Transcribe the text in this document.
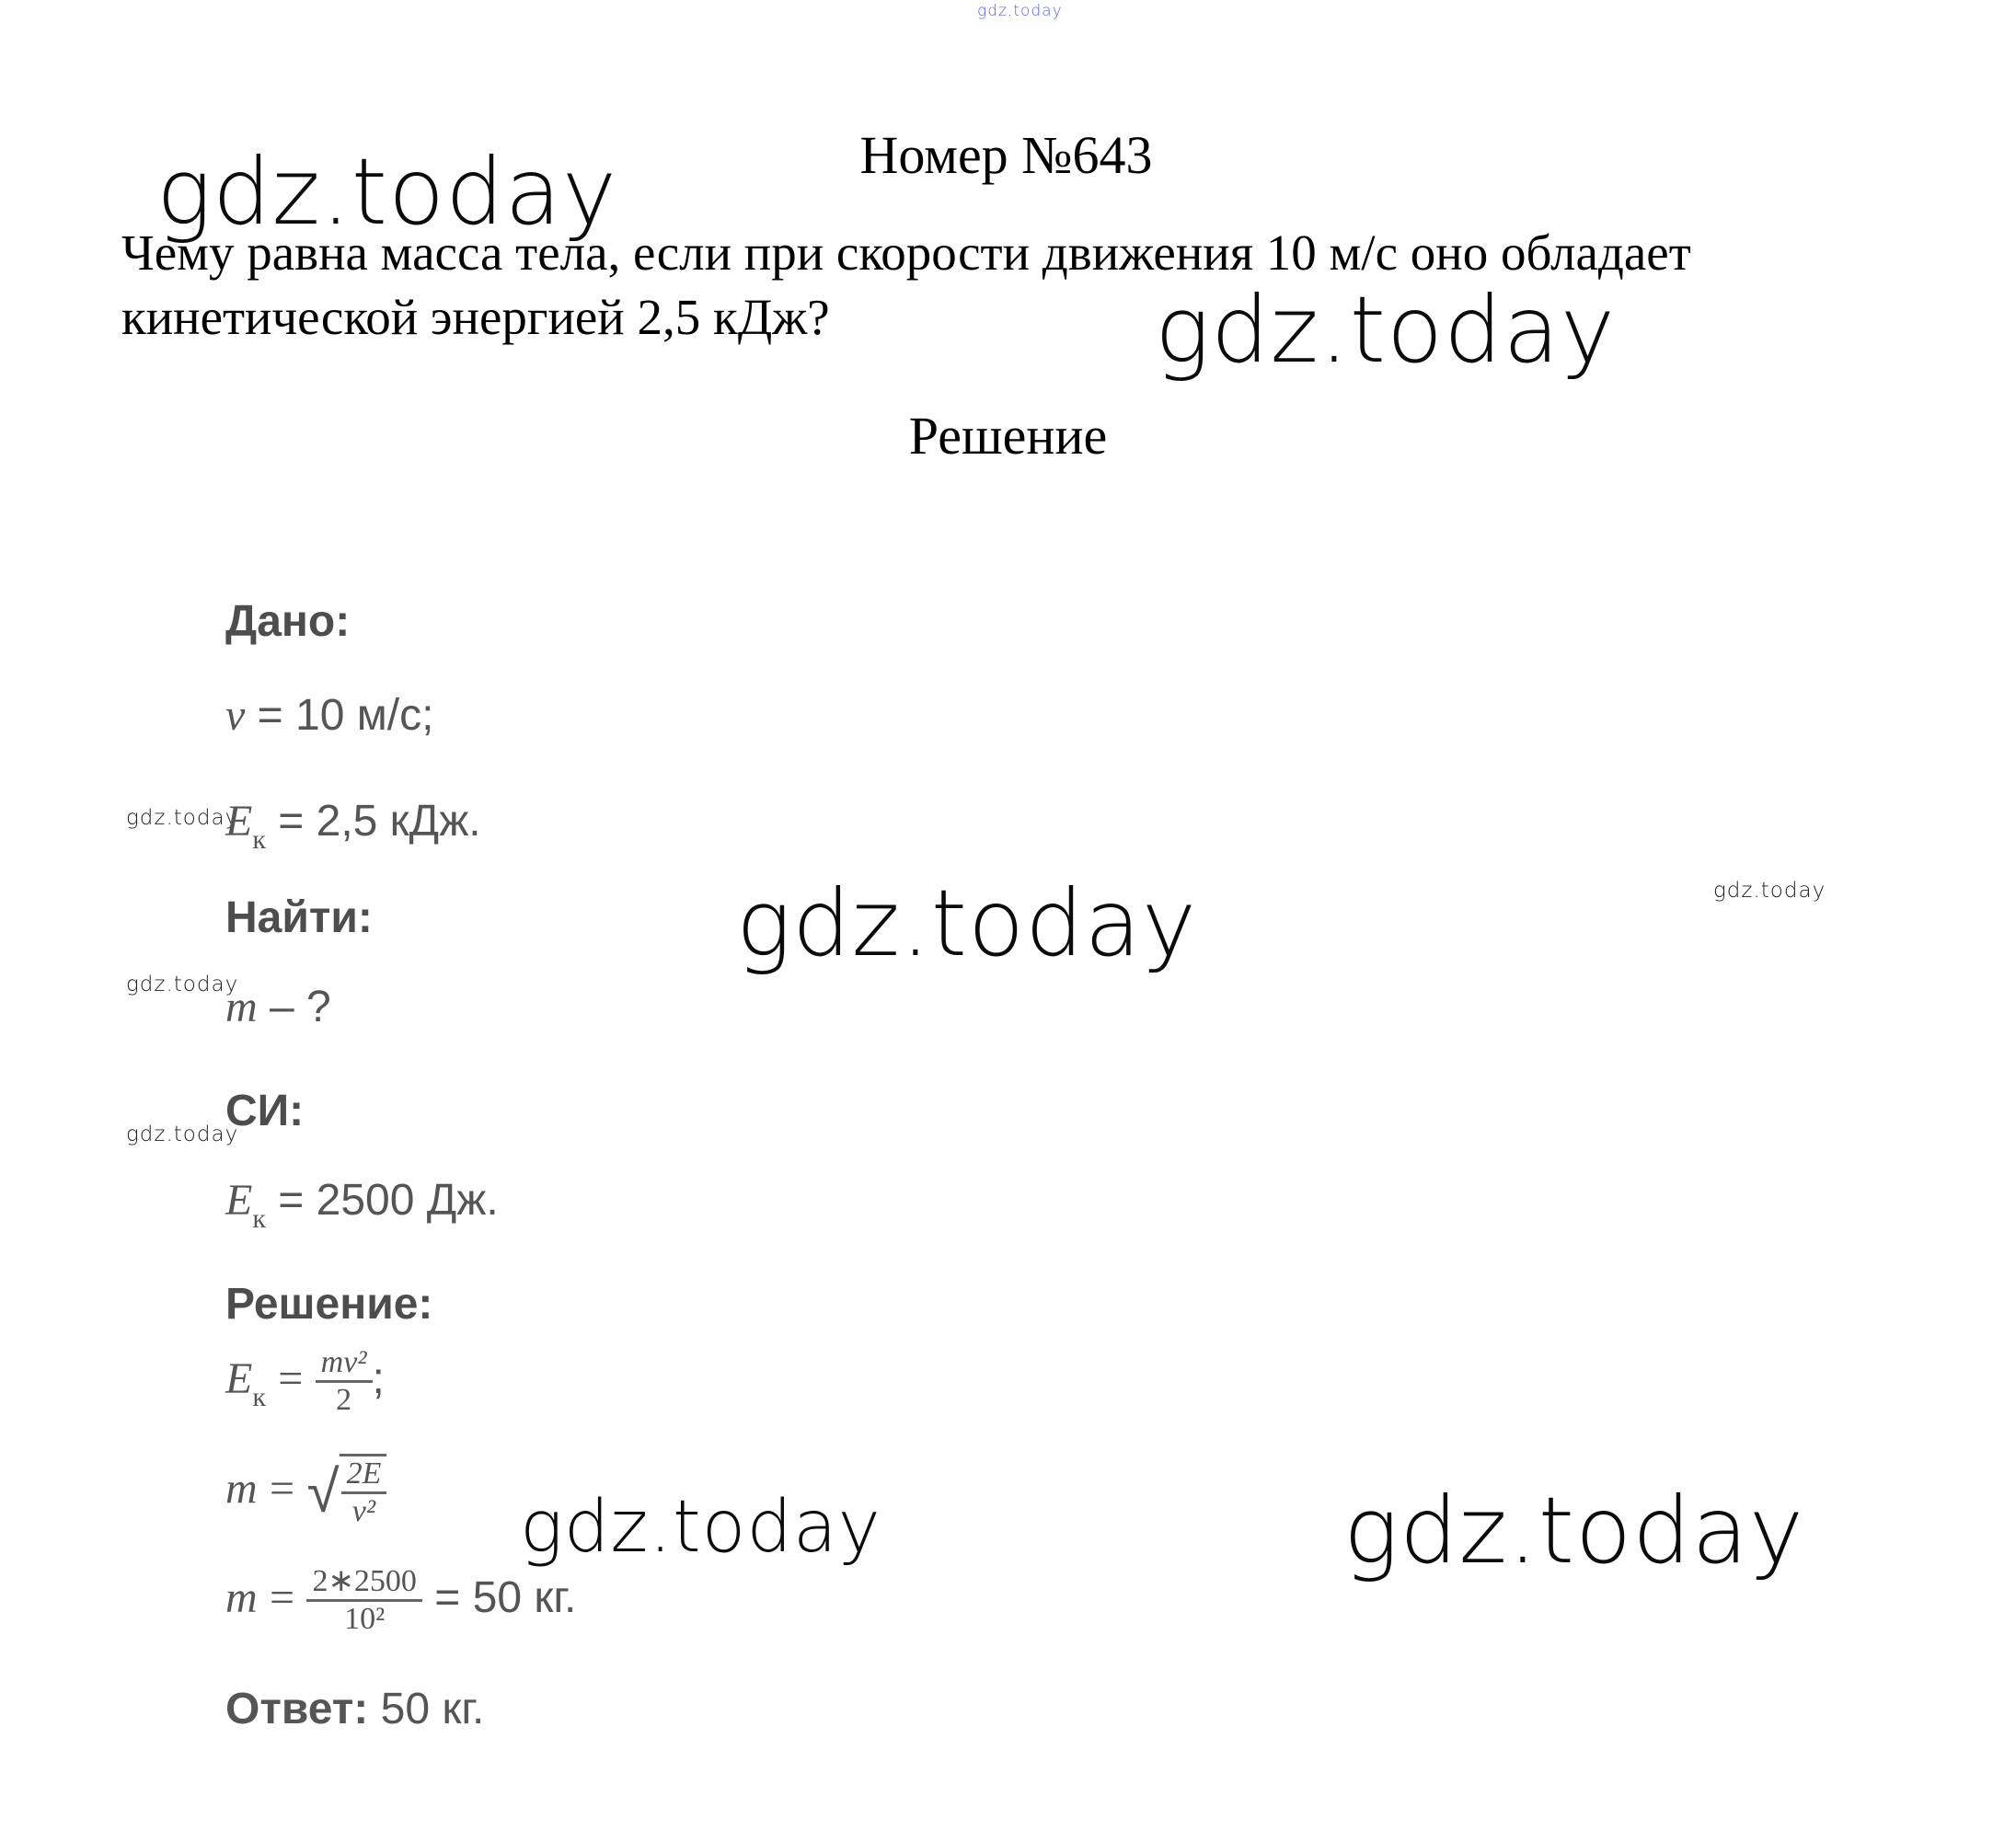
gdz.today
Номер №643
Чему равна масса тела, если при скорости движения 10 м/с оно обладает кинетической энергией 2,5 кДж?
Решение
gdz.today
gdz.today
gdz.today
gdz.today	gdz.today
gdz.today
gdz.today
gdz.today
gdz.today
Дано:
v = 10 м/с;
$E_к = 2,5$ кДж.
Найти:
m – ?
СИ:
$E_к = 2500$ Дж.
Решение:
$E_к = \frac{\text{mv²}}{2}$ ;
m = √ $\frac{2E}{\text{v²}}$
$m = \frac{2∗2500}{\text{10²}} = 50$ кг.
Ответ: 50 кг.
